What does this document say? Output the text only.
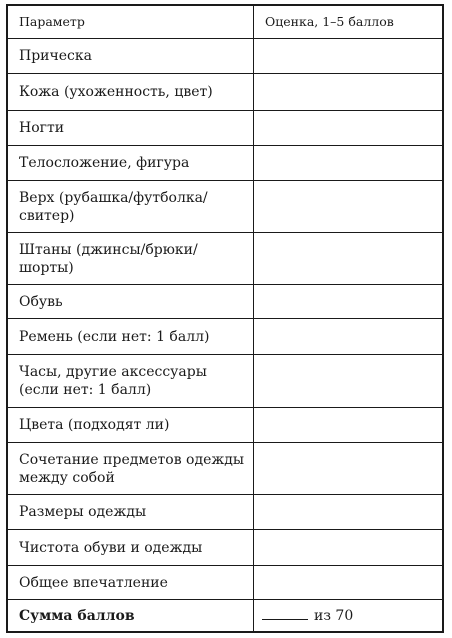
Параметр	Оценка, 1–5 баллов
Прическа	
Кожа (ухоженность, цвет)	
Ногти	
Телосложение, фигура	
Верх (рубашка/футболка/свитер)	
Штаны (джинсы/брюки/шорты)	
Обувь	
Ремень (если нет: 1 балл)	
Часы, другие аксессуары (если нет: 1 балл)	
Цвета (подходят ли)	
Сочетание предметов одежды между собой	
Размеры одежды	
Чистота обуви и одежды	
Общее впечатление	
Сумма баллов	из 70
